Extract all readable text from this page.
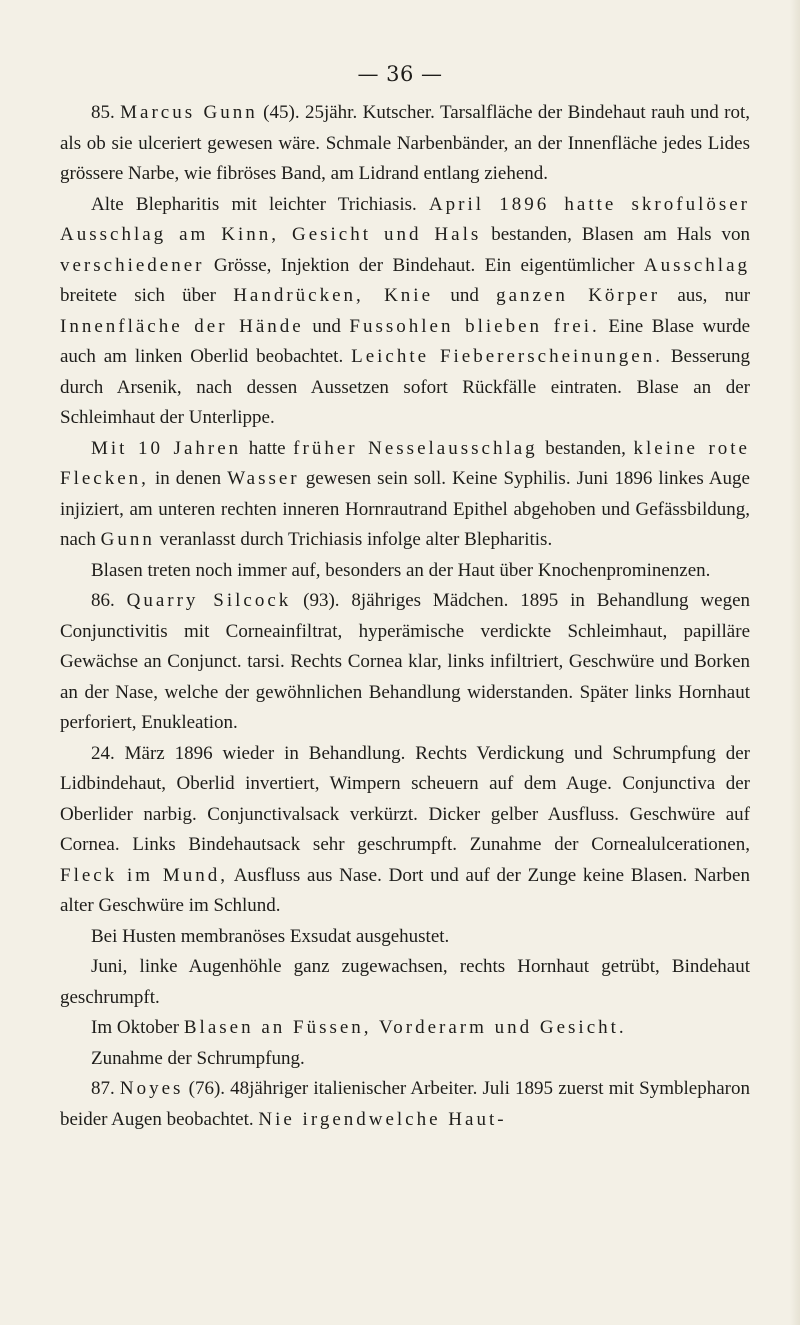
— 36 —

85. Marcus Gunn (45). 25jähr. Kutscher. Tarsalfläche der Bindehaut rauh und rot, als ob sie ulceriert gewesen wäre. Schmale Narbenbänder, an der Innenfläche jedes Lides grössere Narbe, wie fibröses Band, am Lidrand entlang ziehend.

Alte Blepharitis mit leichter Trichiasis. April 1896 hatte skrofulöser Ausschlag am Kinn, Gesicht und Hals bestanden, Blasen am Hals von verschiedener Grösse, Injektion der Bindehaut. Ein eigentümlicher Ausschlag breitete sich über Handrücken, Knie und ganzen Körper aus, nur Innenfläche der Hände und Fussohlen blieben frei. Eine Blase wurde auch am linken Oberlid beobachtet. Leichte Fiebererscheinungen. Besserung durch Arsenik, nach dessen Aussetzen sofort Rückfälle eintraten. Blase an der Schleimhaut der Unterlippe.

Mit 10 Jahren hatte früher Nesselausschlag bestanden, kleine rote Flecken, in denen Wasser gewesen sein soll. Keine Syphilis. Juni 1896 linkes Auge injiziert, am unteren rechten inneren Hornrautrand Epithel abgehoben und Gefässbildung, nach Gunn veranlasst durch Trichiasis infolge alter Blepharitis.

Blasen treten noch immer auf, besonders an der Haut über Knochenprominenzen.

86. Quarry Silcock (93). 8jähriges Mädchen. 1895 in Behandlung wegen Conjunctivitis mit Corneainfiltrat, hyperämische verdickte Schleimhaut, papilläre Gewächse an Conjunct. tarsi. Rechts Cornea klar, links infiltriert, Geschwüre und Borken an der Nase, welche der gewöhnlichen Behandlung widerstanden. Später links Hornhaut perforiert, Enukleation.

24. März 1896 wieder in Behandlung. Rechts Verdickung und Schrumpfung der Lidbindehaut, Oberlid invertiert, Wimpern scheuern auf dem Auge. Conjunctiva der Oberlider narbig. Conjunctivalsack verkürzt. Dicker gelber Ausfluss. Geschwüre auf Cornea. Links Bindehautsack sehr geschrumpft. Zunahme der Cornealulcerationen, Fleck im Mund, Ausfluss aus Nase. Dort und auf der Zunge keine Blasen. Narben alter Geschwüre im Schlund.

Bei Husten membranöses Exsudat ausgehustet.

Juni, linke Augenhöhle ganz zugewachsen, rechts Hornhaut getrübt, Bindehaut geschrumpft.

Im Oktober Blasen an Füssen, Vorderarm und Gesicht.

Zunahme der Schrumpfung.

87. Noyes (76). 48jähriger italienischer Arbeiter. Juli 1895 zuerst mit Symblepharon beider Augen beobachtet. Nie irgendwelche Haut-
